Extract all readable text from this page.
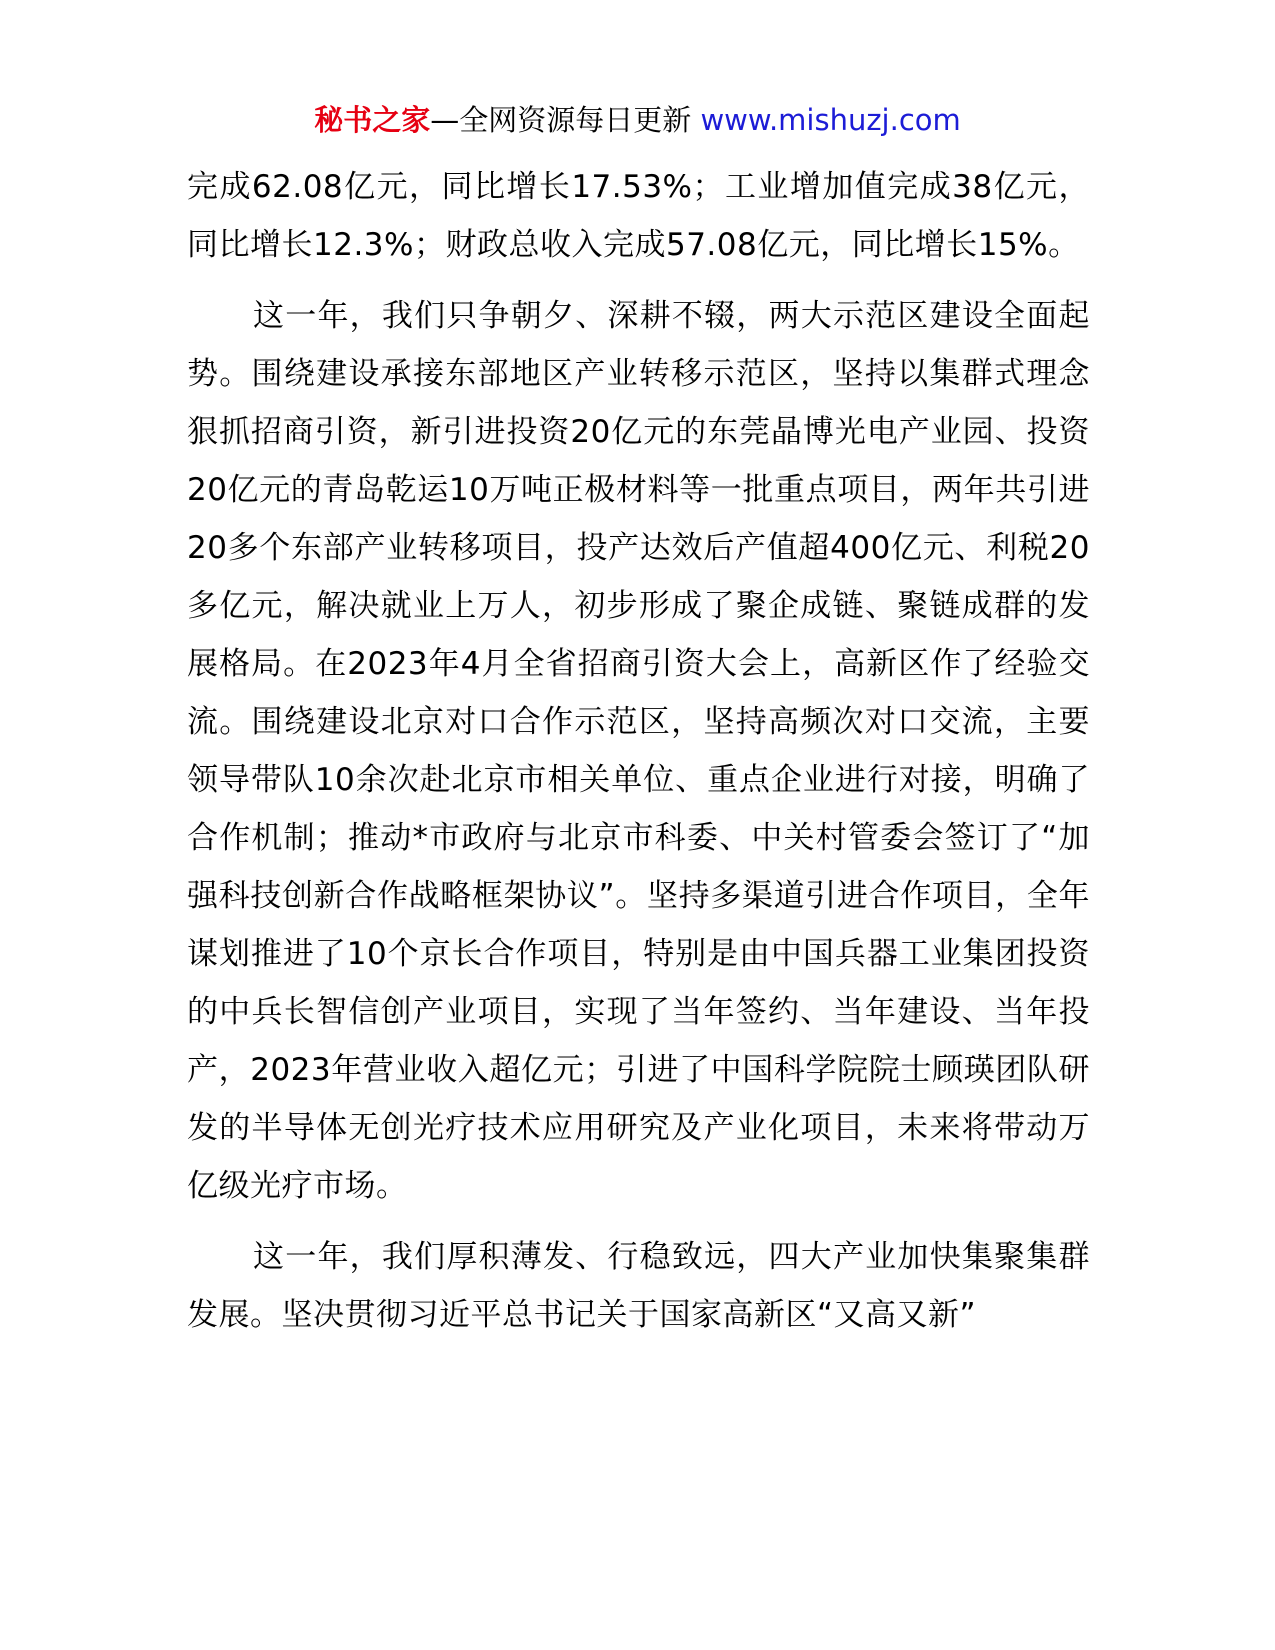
秘书之家—全网资源每日更新 www.mishuzj.com

完成62.08亿元，同比增长17.53%；工业增加值完成38亿元，同比增长12.3%；财政总收入完成57.08亿元，同比增长15%。

这一年，我们只争朝夕、深耕不辍，两大示范区建设全面起势。围绕建设承接东部地区产业转移示范区，坚持以集群式理念狠抓招商引资，新引进投资20亿元的东莞晶博光电产业园、投资20亿元的青岛乾运10万吨正极材料等一批重点项目，两年共引进20多个东部产业转移项目，投产达效后产值超400亿元、利税20多亿元，解决就业上万人，初步形成了聚企成链、聚链成群的发展格局。在2023年4月全省招商引资大会上，高新区作了经验交流。围绕建设北京对口合作示范区，坚持高频次对口交流，主要领导带队10余次赴北京市相关单位、重点企业进行对接，明确了合作机制；推动*市政府与北京市科委、中关村管委会签订了“加强科技创新合作战略框架协议”。坚持多渠道引进合作项目，全年谋划推进了10个京长合作项目，特别是由中国兵器工业集团投资的中兵长智信创产业项目，实现了当年签约、当年建设、当年投产，2023年营业收入超亿元；引进了中国科学院院士顾瑛团队研发的半导体无创光疗技术应用研究及产业化项目，未来将带动万亿级光疗市场。

这一年，我们厚积薄发、行稳致远，四大产业加快集聚集群发展。坚决贯彻习近平总书记关于国家高新区“又高又新”
